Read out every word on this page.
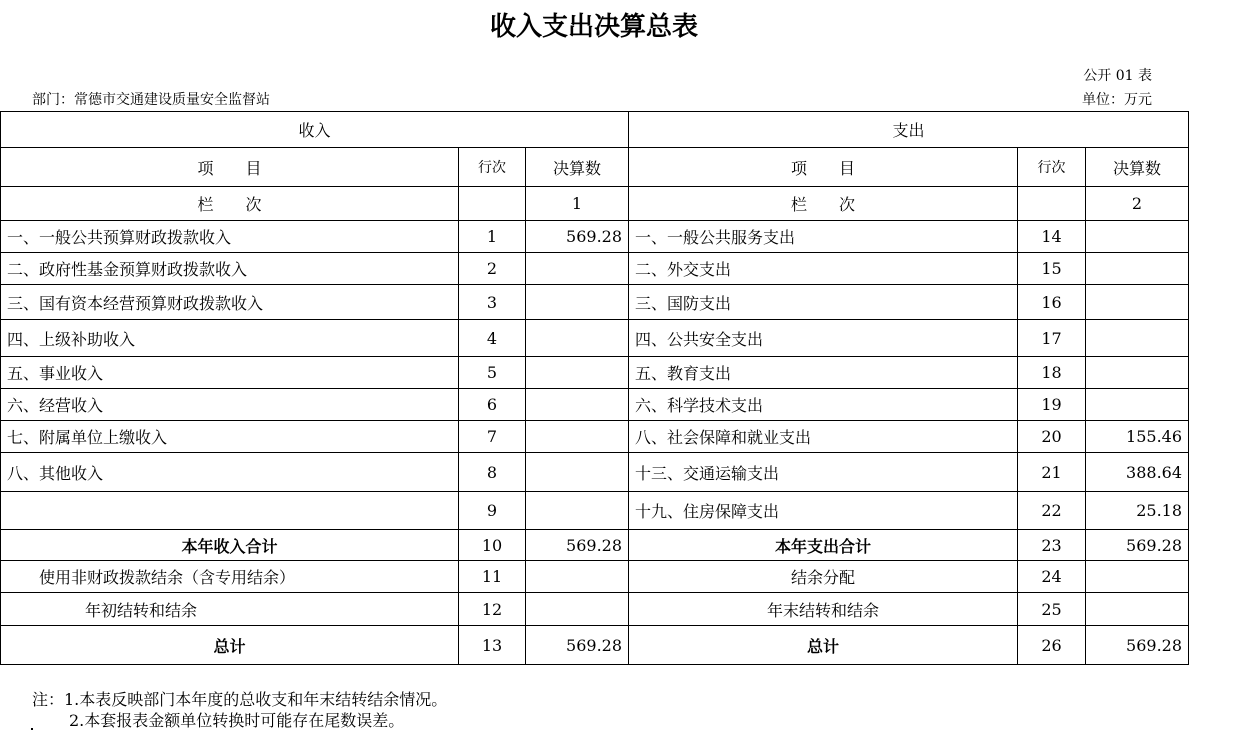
收入支出决算总表
公开 01 表
部门：常德市交通建设质量安全监督站	单位：万元
收入			支出		
项　　目	行次	决算数	项　　目	行次	决算数
栏　　次		1	栏　　次		2
一、一般公共预算财政拨款收入	1	569.28	一、一般公共服务支出	14	
二、政府性基金预算财政拨款收入	2		二、外交支出	15	
三、国有资本经营预算财政拨款收入	3		三、国防支出	16	
四、上级补助收入	4		四、公共安全支出	17	
五、事业收入	5		五、教育支出	18	
六、经营收入	6		六、科学技术支出	19	
七、附属单位上缴收入	7		八、社会保障和就业支出	20	155.46
八、其他收入	8		十三、交通运输支出	21	388.64
	9		十九、住房保障支出	22	25.18
本年收入合计	10	569.28	本年支出合计	23	569.28
使用非财政拨款结余（含专用结余）	11		结余分配	24	
年初结转和结余	12		年末结转和结余	25	
总计	13	569.28	总计	26	569.28
注：1.本表反映部门本年度的总收支和年末结转结余情况。
2.本套报表金额单位转换时可能存在尾数误差。
